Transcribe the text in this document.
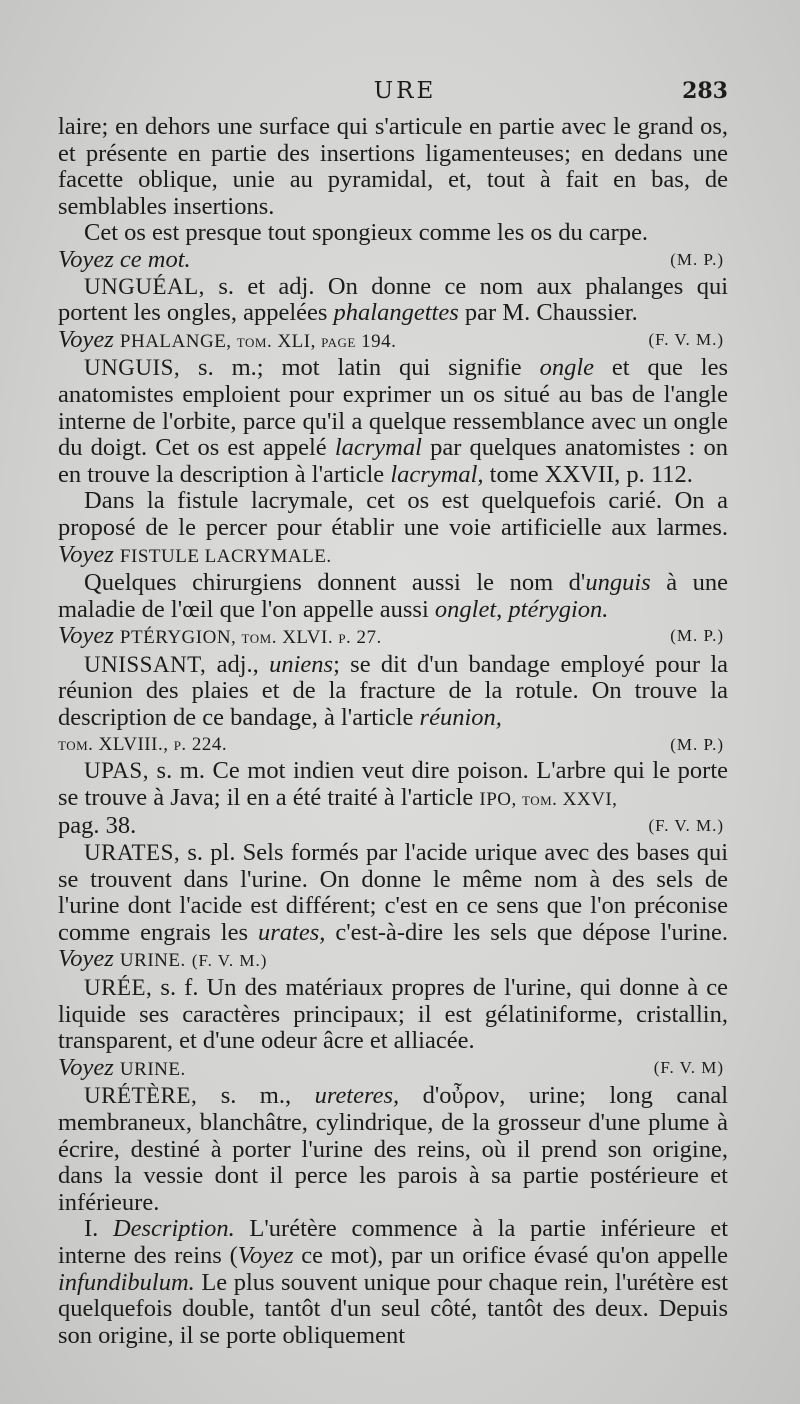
URE	283

laire; en dehors une surface qui s'articule en partie avec le grand os, et présente en partie des insertions ligamenteuses; en dedans une facette oblique, unie au pyramidal, et, tout à fait en bas, de semblables insertions.

Cet os est presque tout spongieux comme les os du carpe.

Voyez ce mot.	(M. P.)

UNGUÉAL, s. et adj. On donne ce nom aux phalanges qui portent les ongles, appelées phalangettes par M. Chaussier.

Voyez PHALANGE, tom. XLI, page 194.	(F. V. M.)

UNGUIS, s. m.; mot latin qui signifie ongle et que les anatomistes emploient pour exprimer un os situé au bas de l'angle interne de l'orbite, parce qu'il a quelque ressemblance avec un ongle du doigt. Cet os est appelé lacrymal par quelques anatomistes : on en trouve la description à l'article lacrymal, tome XXVII, p. 112.

Dans la fistule lacrymale, cet os est quelquefois carié. On a proposé de le percer pour établir une voie artificielle aux larmes. Voyez FISTULE LACRYMALE.

Quelques chirurgiens donnent aussi le nom d'unguis à une maladie de l'œil que l'on appelle aussi onglet, ptérygion.

Voyez PTÉRYGION, tom. XLVI. p. 27.	(M. P.)

UNISSANT, adj., uniens; se dit d'un bandage employé pour la réunion des plaies et de la fracture de la rotule. On trouve la description de ce bandage, à l'article réunion,

tom. XLVIII., p. 224.	(M. P.)

UPAS, s. m. Ce mot indien veut dire poison. L'arbre qui le porte se trouve à Java; il en a été traité à l'article IPO, tom. XXVI,

pag. 38.	(F. V. M.)

URATES, s. pl. Sels formés par l'acide urique avec des bases qui se trouvent dans l'urine. On donne le même nom à des sels de l'urine dont l'acide est différent; c'est en ce sens que l'on préconise comme engrais les urates, c'est-à-dire les sels que dépose l'urine. Voyez URINE. (F. V. M.)

URÉE, s. f. Un des matériaux propres de l'urine, qui donne à ce liquide ses caractères principaux; il est gélatiniforme, cristallin, transparent, et d'une odeur âcre et alliacée.

Voyez URINE.	(F. V. M)

URÉTÈRE, s. m., ureteres, d'οὖρον, urine; long canal membraneux, blanchâtre, cylindrique, de la grosseur d'une plume à écrire, destiné à porter l'urine des reins, où il prend son origine, dans la vessie dont il perce les parois à sa partie postérieure et inférieure.

I. Description. L'urétère commence à la partie inférieure et interne des reins (Voyez ce mot), par un orifice évasé qu'on appelle infundibulum. Le plus souvent unique pour chaque rein, l'urétère est quelquefois double, tantôt d'un seul côté, tantôt des deux. Depuis son origine, il se porte obliquement
